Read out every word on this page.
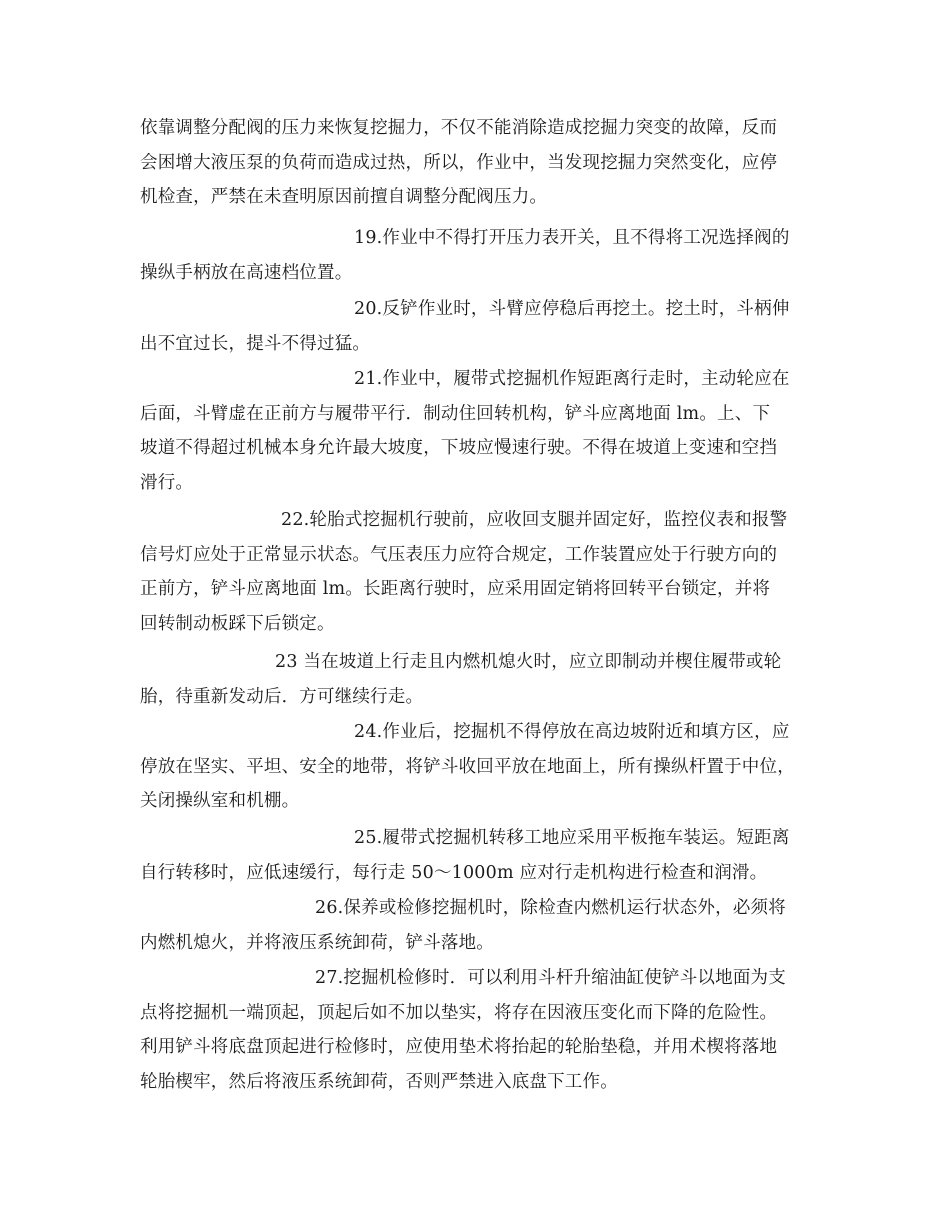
依靠调整分配阀的压力来恢复挖掘力，不仅不能消除造成挖掘力突变的故障，反而
会困增大液压泵的负荷而造成过热，所以，作业中，当发现挖掘力突然变化，应停
机检查，严禁在未查明原因前擅自调整分配阀压力。
19.作业中不得打开压力表开关，且不得将工况选择阀的
操纵手柄放在高速档位置。
20.反铲作业时，斗臂应停稳后再挖土。挖土时，斗柄伸
出不宜过长，提斗不得过猛。
21.作业中，履带式挖掘机作短距离行走时，主动轮应在
后面，斗臂虚在正前方与履带平行．制动住回转机构，铲斗应离地面 lm。上、下
坡道不得超过机械本身允许最大坡度，下坡应慢速行驶。不得在坡道上变速和空挡
滑行。
22.轮胎式挖掘机行驶前，应收回支腿并固定好，监控仪表和报警
信号灯应处于正常显示状态。气压表压力应符合规定，工作装置应处于行驶方向的
正前方，铲斗应离地面 lm。长距离行驶时，应采用固定销将回转平台锁定，并将
回转制动板踩下后锁定。
23 当在坡道上行走且内燃机熄火时，应立即制动并楔住履带或轮
胎，待重新发动后．方可继续行走。
24.作业后，挖掘机不得停放在高边坡附近和填方区，应
停放在坚实、平坦、安全的地带，将铲斗收回平放在地面上，所有操纵杆置于中位，
关闭操纵室和机棚。
25.履带式挖掘机转移工地应采用平板拖车装运。短距离
自行转移时，应低速缓行，每行走 50～1000m 应对行走机构进行检查和润滑。
26.保养或检修挖掘机时，除检查内燃机运行状态外，必须将
内燃机熄火，并将液压系统卸荷，铲斗落地。
27.挖掘机检修时．可以利用斗杆升缩油缸使铲斗以地面为支
点将挖掘机一端顶起，顶起后如不加以垫实，将存在因液压变化而下降的危险性。
利用铲斗将底盘顶起进行检修时，应使用垫术将抬起的轮胎垫稳，并用术楔将落地
轮胎楔牢，然后将液压系统卸荷，否则严禁进入底盘下工作。
